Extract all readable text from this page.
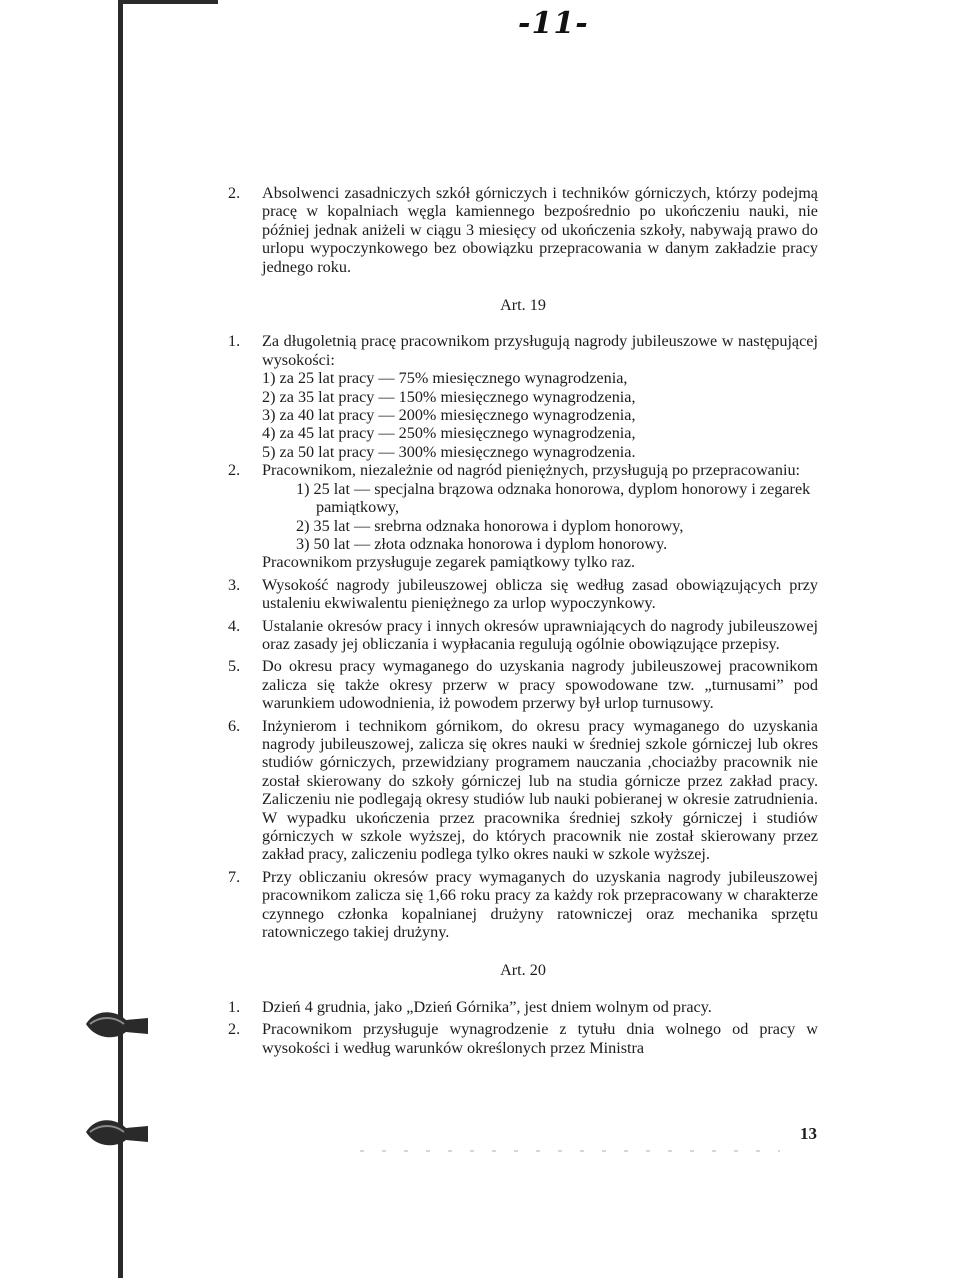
-11-
2. Absolwenci zasadniczych szkół górniczych i techników górniczych, którzy podejmą pracę w kopalniach węgla kamiennego bezpośrednio po ukończeniu nauki, nie później jednak aniżeli w ciągu 3 miesięcy od ukończenia szkoły, nabywają prawo do urlopu wypoczynkowego bez obowiązku przepracowania w danym zakładzie pracy jednego roku.
Art. 19
1. Za długoletnią pracę pracownikom przysługują nagrody jubileuszowe w następującej wysokości:
1) za 25 lat pracy — 75% miesięcznego wynagrodzenia,
2) za 35 lat pracy — 150% miesięcznego wynagrodzenia,
3) za 40 lat pracy — 200% miesięcznego wynagrodzenia,
4) za 45 lat pracy — 250% miesięcznego wynagrodzenia,
5) za 50 lat pracy — 300% miesięcznego wynagrodzenia.
2. Pracownikom, niezależnie od nagród pieniężnych, przysługują po przepracowaniu:
1) 25 lat — specjalna brązowa odznaka honorowa, dyplom honorowy i zegarek pamiątkowy,
2) 35 lat — srebrna odznaka honorowa i dyplom honorowy,
3) 50 lat — złota odznaka honorowa i dyplom honorowy.
Pracownikom przysługuje zegarek pamiątkowy tylko raz.
3. Wysokość nagrody jubileuszowej oblicza się według zasad obowiązujących przy ustaleniu ekwiwalentu pieniężnego za urlop wypoczynkowy.
4. Ustalanie okresów pracy i innych okresów uprawniających do nagrody jubileuszowej oraz zasady jej obliczania i wypłacania regulują ogólnie obowiązujące przepisy.
5. Do okresu pracy wymaganego do uzyskania nagrody jubileuszowej pracownikom zalicza się także okresy przerw w pracy spowodowane tzw. „turnusami” pod warunkiem udowodnienia, iż powodem przerwy był urlop turnusowy.
6. Inżynierom i technikom górnikom, do okresu pracy wymaganego do uzyskania nagrody jubileuszowej, zalicza się okres nauki w średniej szkole górniczej lub okres studiów górniczych, przewidziany programem nauczania ,chociażby pracownik nie został skierowany do szkoły górniczej lub na studia górnicze przez zakład pracy. Zaliczeniu nie podlegają okresy studiów lub nauki pobieranej w okresie zatrudnienia. W wypadku ukończenia przez pracownika średniej szkoły górniczej i studiów górniczych w szkole wyższej, do których pracownik nie został skierowany przez zakład pracy, zaliczeniu podlega tylko okres nauki w szkole wyższej.
7. Przy obliczaniu okresów pracy wymaganych do uzyskania nagrody jubileuszowej pracownikom zalicza się 1,66 roku pracy za każdy rok przepracowany w charakterze czynnego członka kopalnianej drużyny ratowniczej oraz mechanika sprzętu ratowniczego takiej drużyny.
Art. 20
1. Dzień 4 grudnia, jako „Dzień Górnika”, jest dniem wolnym od pracy.
2. Pracownikom przysługuje wynagrodzenie z tytułu dnia wolnego od pracy w wysokości i według warunków określonych przez Ministra
13
